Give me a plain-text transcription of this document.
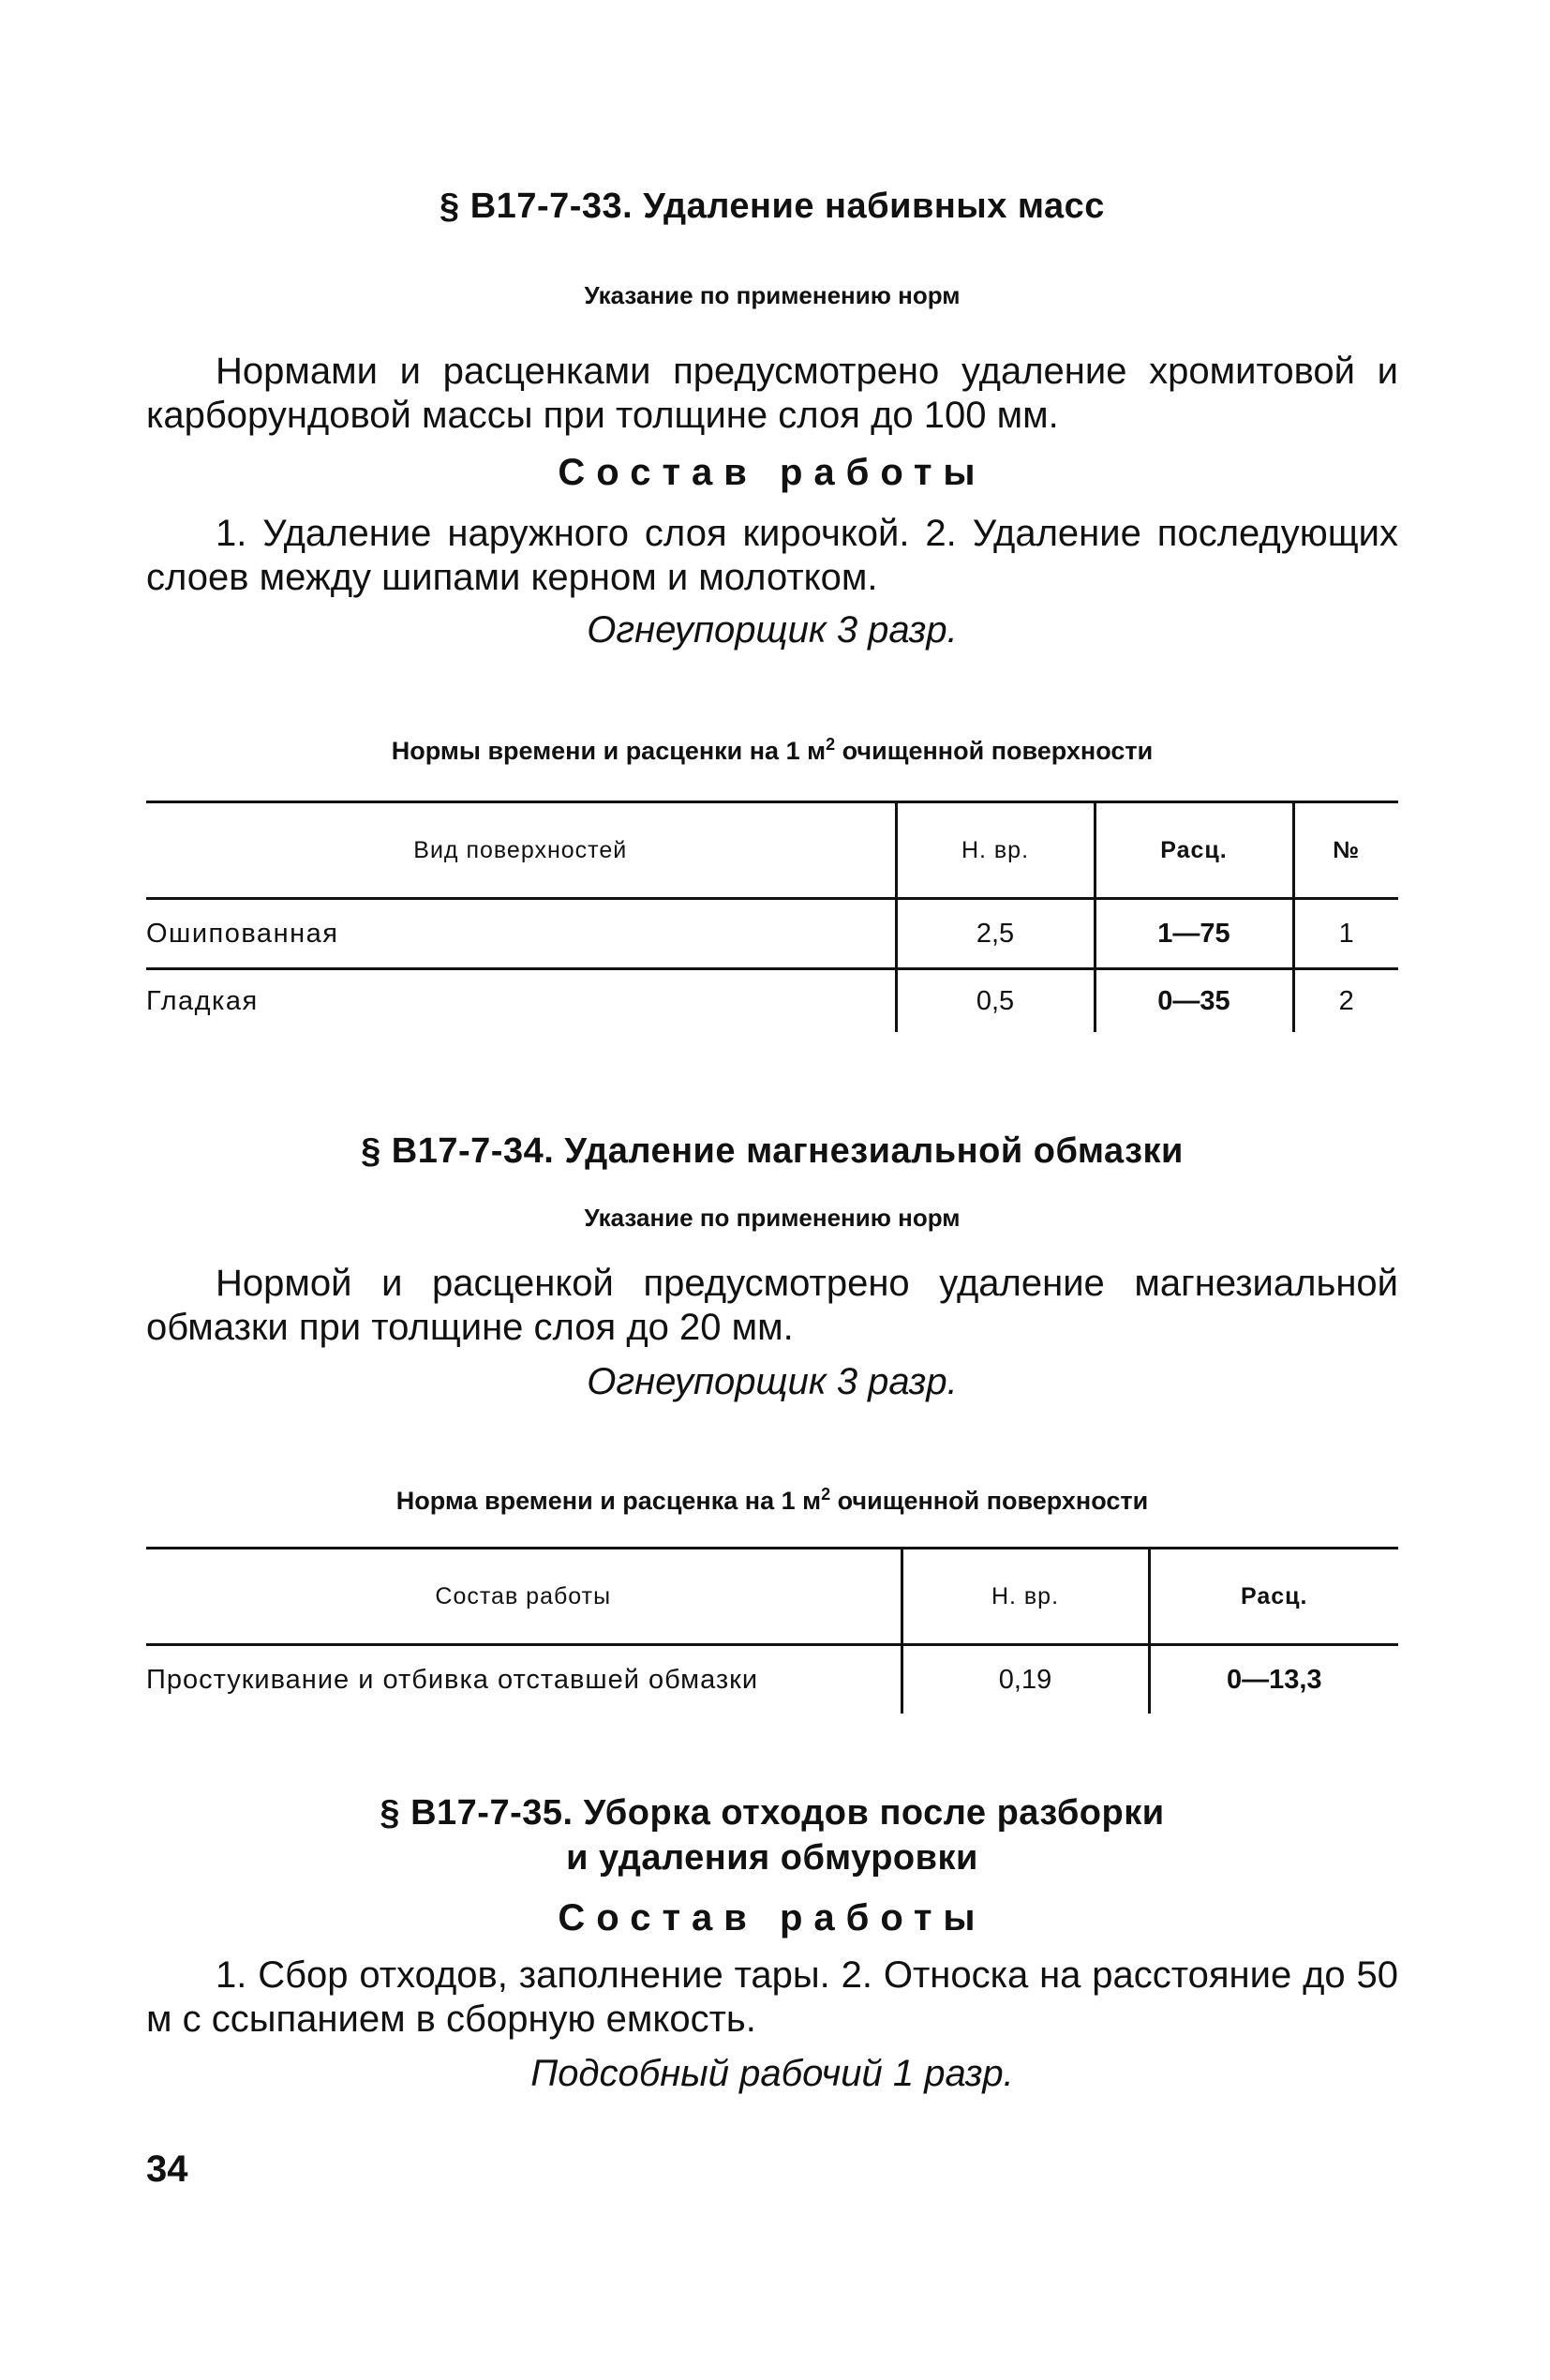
§ В17-7-33. Удаление набивных масс

Указание по применению норм

Нормами и расценками предусмотрено удаление хромитовой и карборундовой массы при толщине слоя до 100 мм.

Состав работы

1. Удаление наружного слоя кирочкой. 2. Удаление последующих слоев между шипами керном и молотком.

Огнеупорщик 3 разр.

Нормы времени и расценки на 1 $м^2$ очищенной поверхности

Вид поверхностей	Н. вр.	Расц.	№
Ошипованная	2,5	1—75	1
Гладкая	0,5	0—35	2
§ В17-7-34. Удаление магнезиальной обмазки

Указание по применению норм

Нормой и расценкой предусмотрено удаление магнезиальной обмазки при толщине слоя до 20 мм.

Огнеупорщик 3 разр.

Норма времени и расценка на 1 $м^2$ очищенной поверхности

Состав работы	Н. вр.	Расц.
Простукивание и отбивка отставшей обмазки	0,19	0—13,3
§ В17-7-35. Уборка отходов после разборки
и удаления обмуровки

Состав работы

1. Сбор отходов, заполнение тары. 2. Относка на расстояние до 50 м с ссыпанием в сборную емкость.

Подсобный рабочий 1 разр.

34
